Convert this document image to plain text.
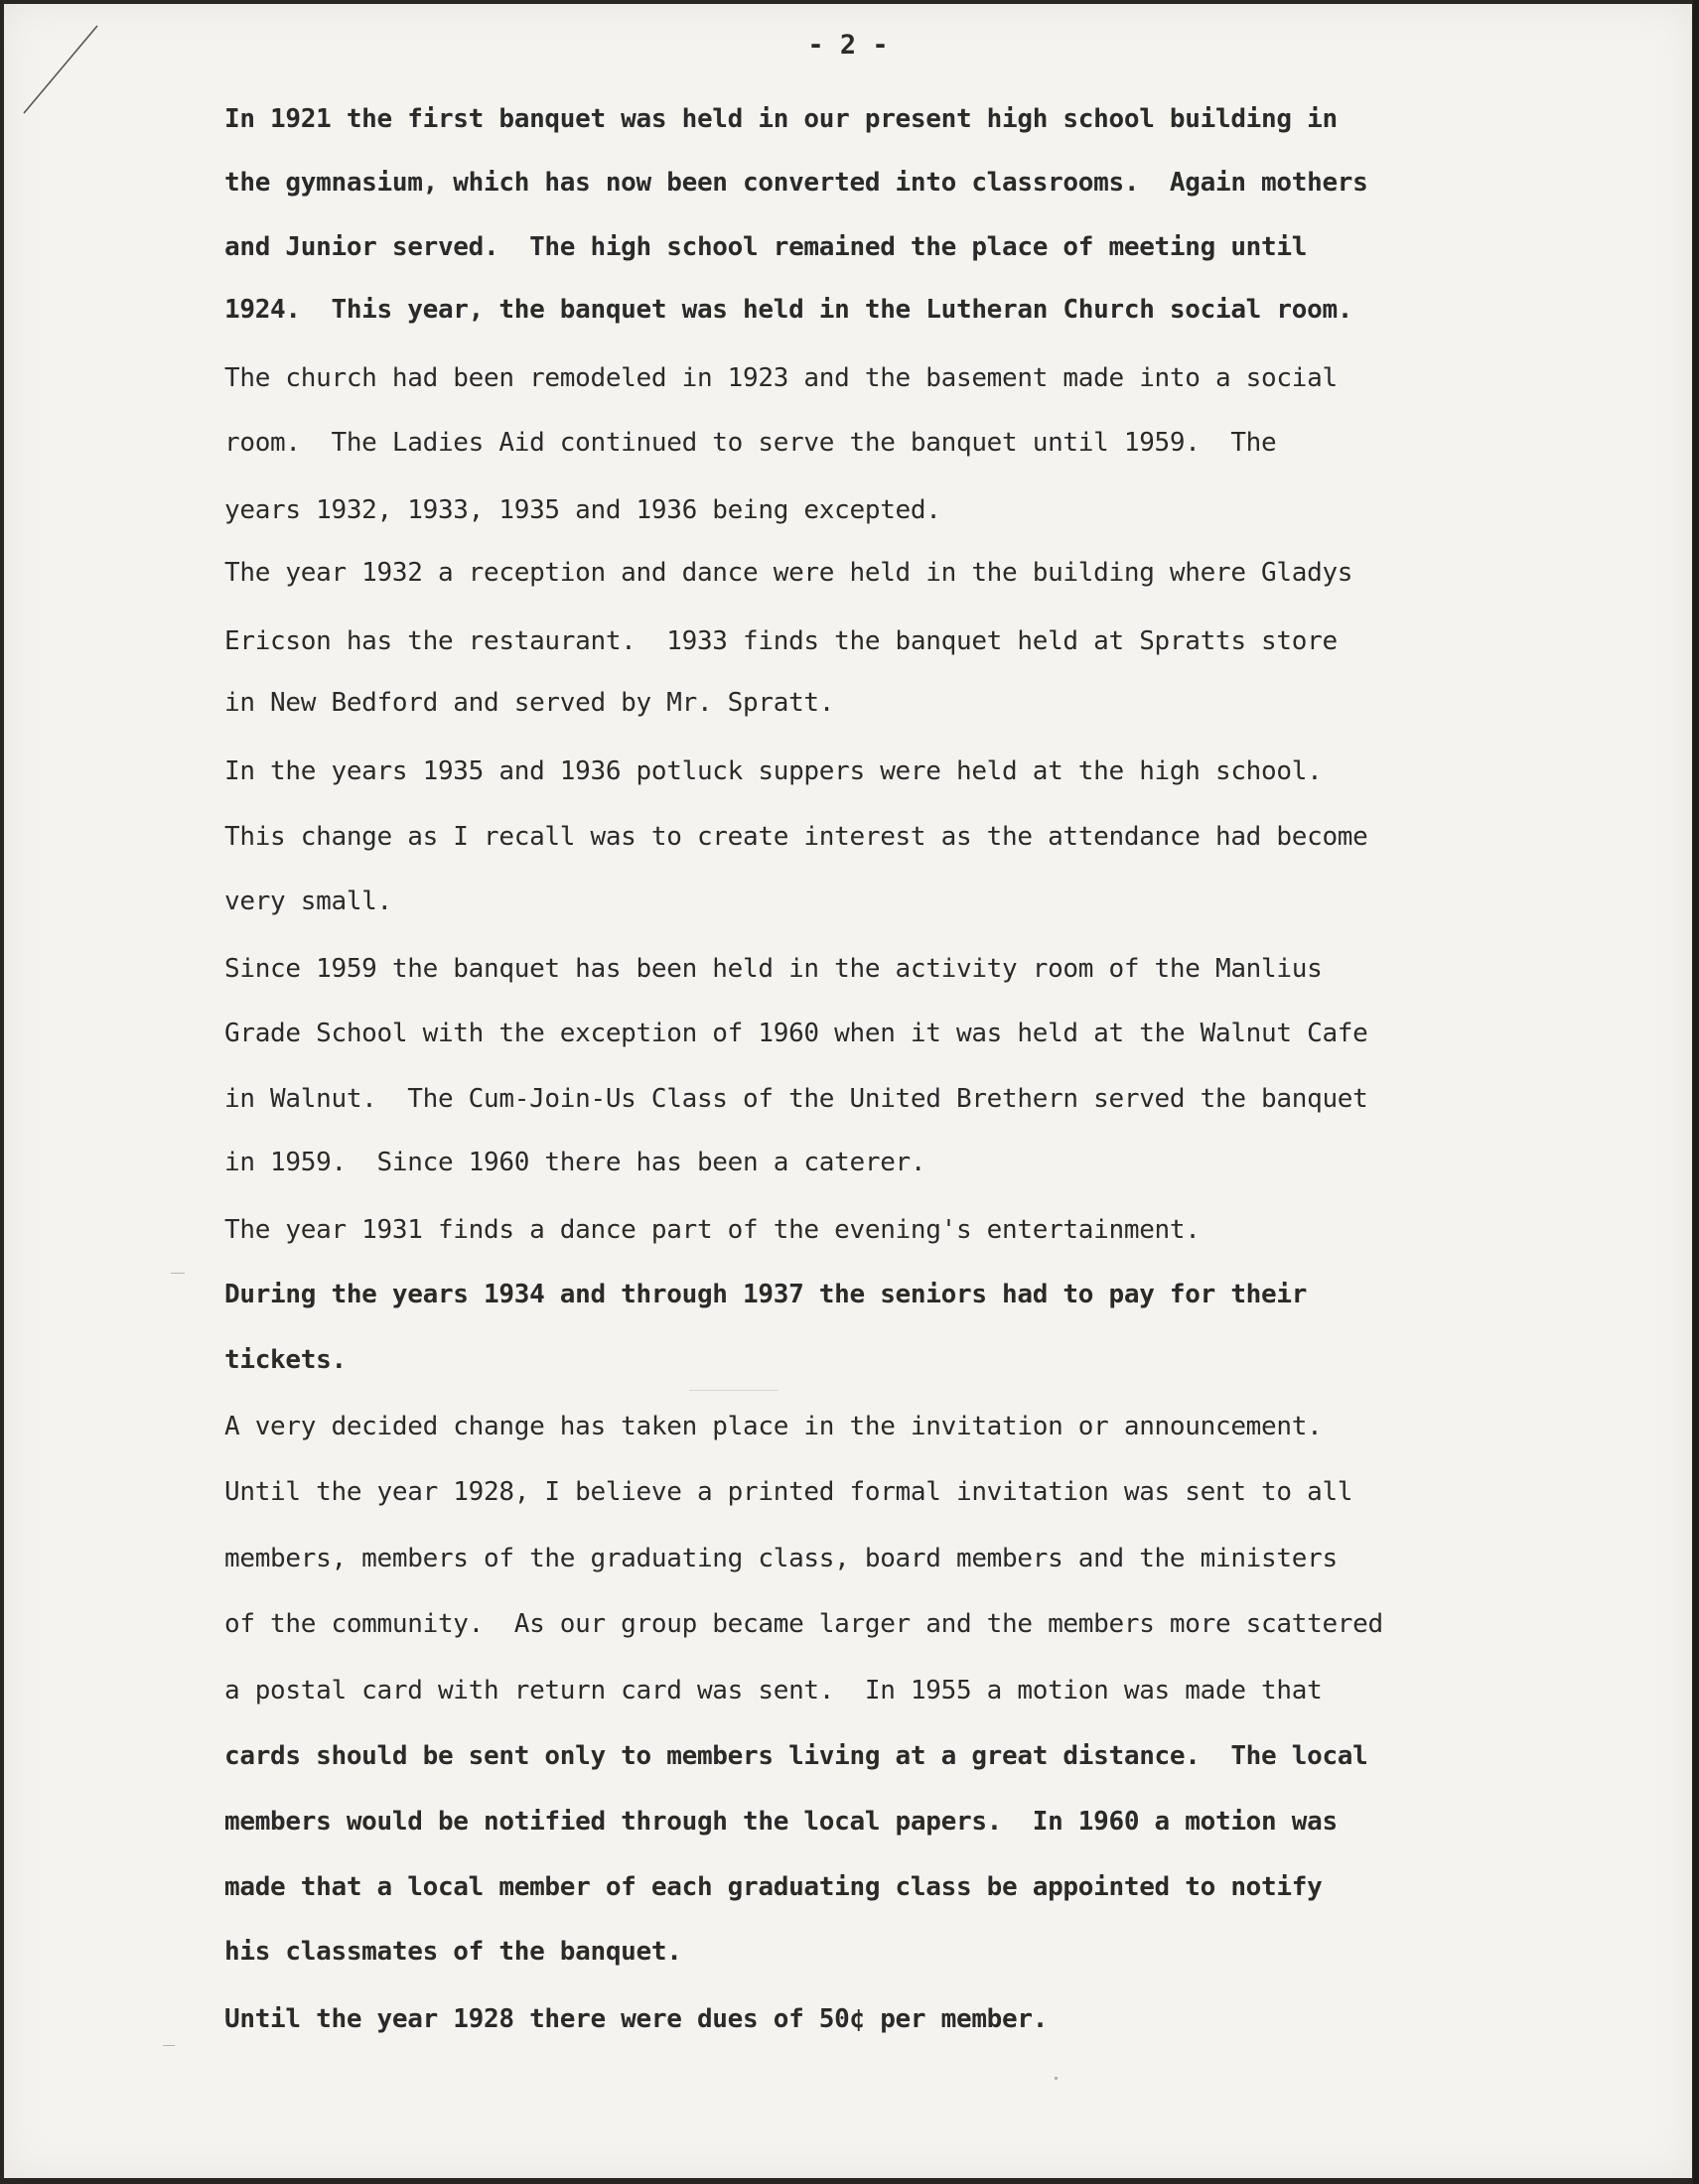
- 2 -
In 1921 the first banquet was held in our present high school building in
the gymnasium, which has now been converted into classrooms.  Again mothers
and Junior served.  The high school remained the place of meeting until
1924.  This year, the banquet was held in the Lutheran Church social room.
The church had been remodeled in 1923 and the basement made into a social
room.  The Ladies Aid continued to serve the banquet until 1959.  The
years 1932, 1933, 1935 and 1936 being excepted.
The year 1932 a reception and dance were held in the building where Gladys
Ericson has the restaurant.  1933 finds the banquet held at Spratts store
in New Bedford and served by Mr. Spratt.
In the years 1935 and 1936 potluck suppers were held at the high school.
This change as I recall was to create interest as the attendance had become
very small.
Since 1959 the banquet has been held in the activity room of the Manlius
Grade School with the exception of 1960 when it was held at the Walnut Cafe
in Walnut.  The Cum-Join-Us Class of the United Brethern served the banquet
in 1959.  Since 1960 there has been a caterer.
The year 1931 finds a dance part of the evening's entertainment.
During the years 1934 and through 1937 the seniors had to pay for their
tickets.
A very decided change has taken place in the invitation or announcement.
Until the year 1928, I believe a printed formal invitation was sent to all
members, members of the graduating class, board members and the ministers
of the community.  As our group became larger and the members more scattered
a postal card with return card was sent.  In 1955 a motion was made that
cards should be sent only to members living at a great distance.  The local
members would be notified through the local papers.  In 1960 a motion was
made that a local member of each graduating class be appointed to notify
his classmates of the banquet.
Until the year 1928 there were dues of 50¢ per member.
